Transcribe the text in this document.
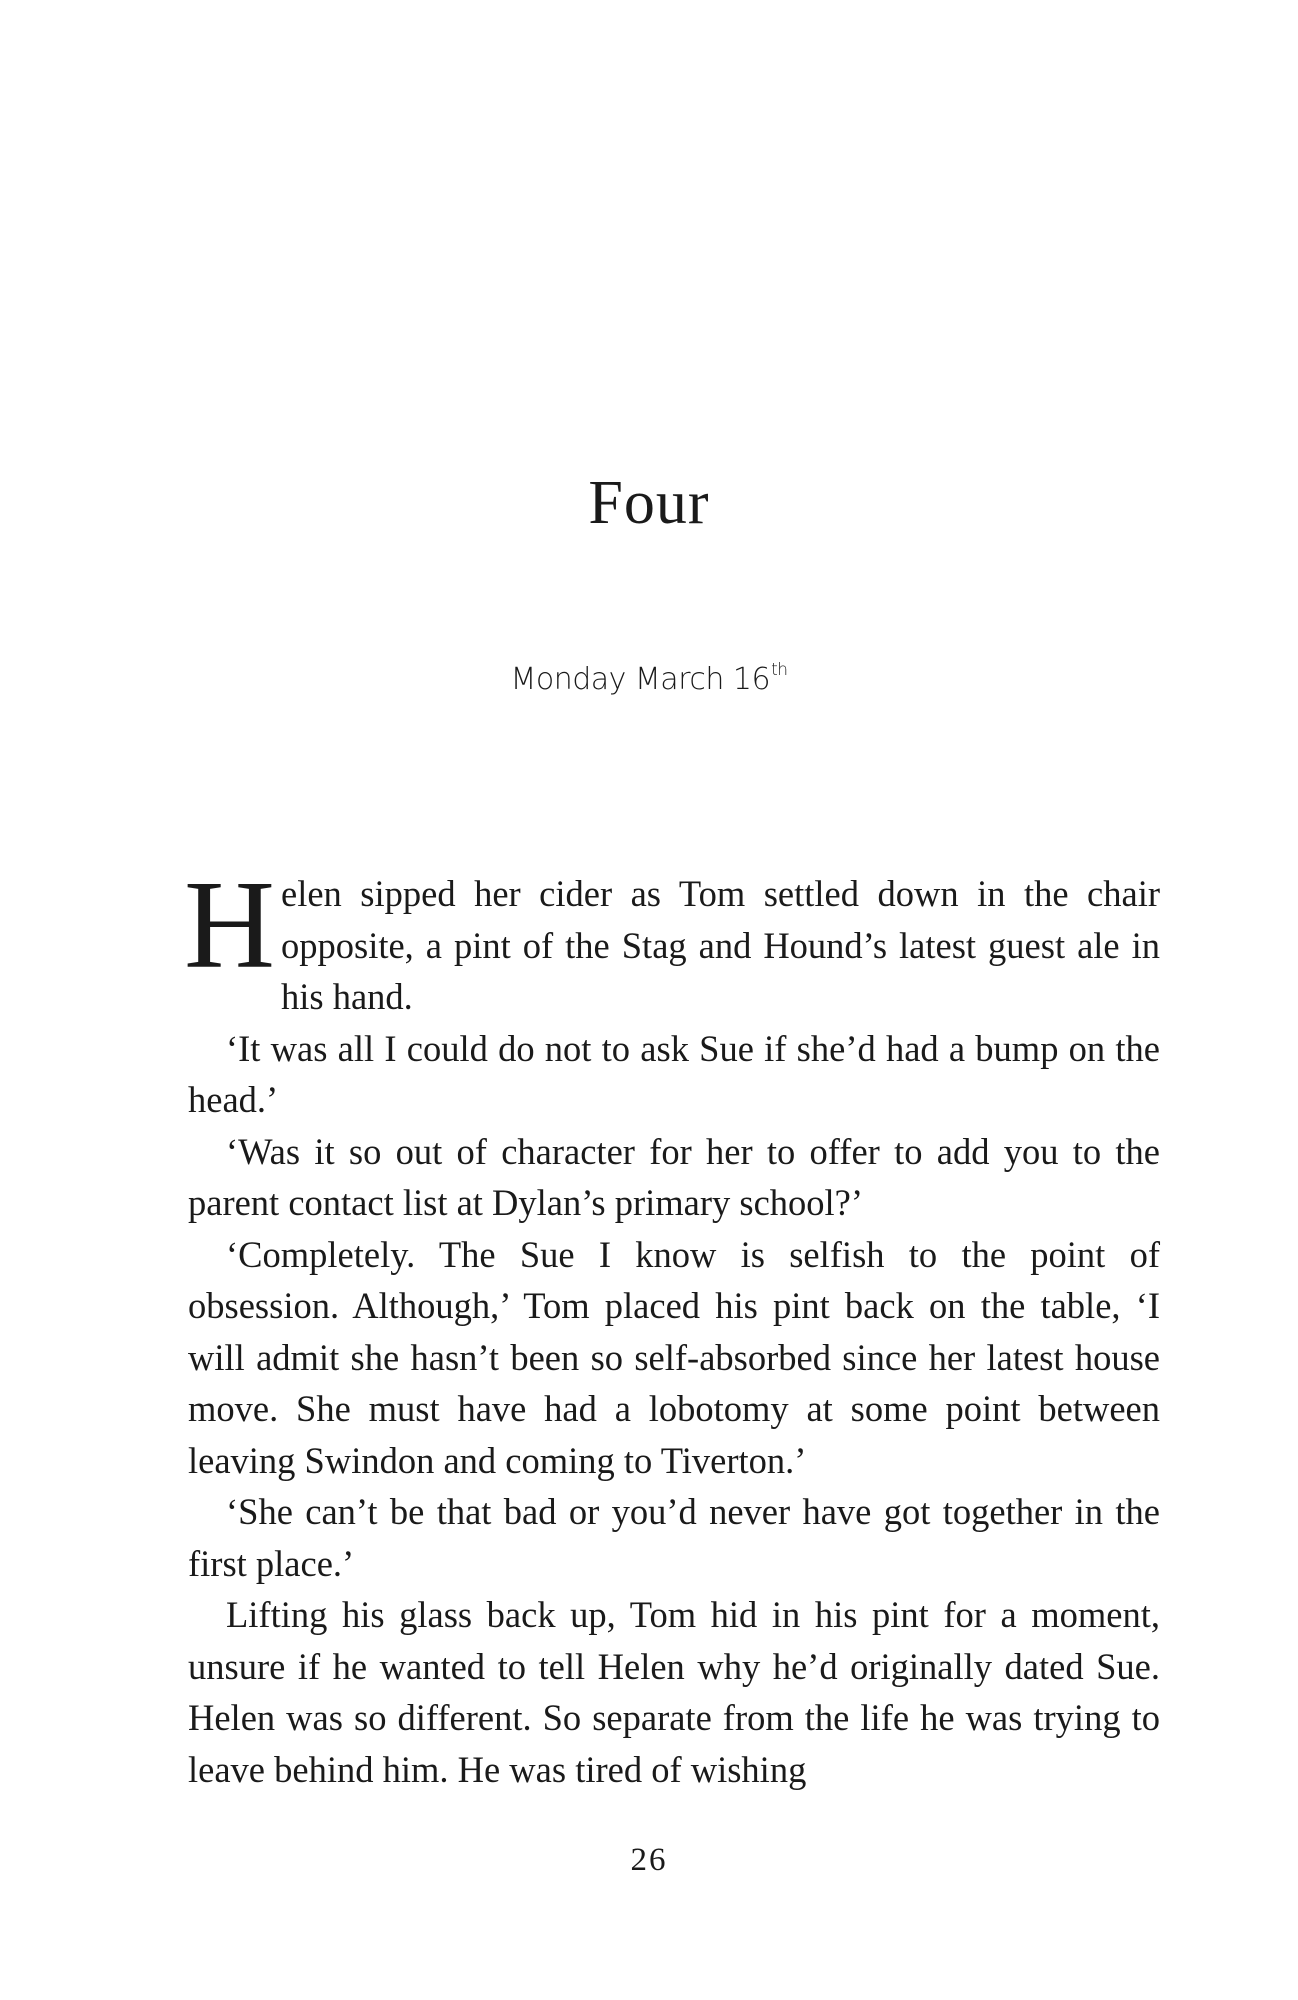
Four

Monday March 16th

Helen sipped her cider as Tom settled down in the chair opposite, a pint of the Stag and Hound’s latest guest ale in his hand.

‘It was all I could do not to ask Sue if she’d had a bump on the head.’

‘Was it so out of character for her to offer to add you to the parent contact list at Dylan’s primary school?’

‘Completely. The Sue I know is selfish to the point of obsession. Although,’ Tom placed his pint back on the table, ‘I will admit she hasn’t been so self-absorbed since her latest house move. She must have had a lobotomy at some point between leaving Swindon and coming to Tiverton.’

‘She can’t be that bad or you’d never have got together in the first place.’

Lifting his glass back up, Tom hid in his pint for a moment, unsure if he wanted to tell Helen why he’d originally dated Sue. Helen was so different. So separate from the life he was trying to leave behind him. He was tired of wishing

26
